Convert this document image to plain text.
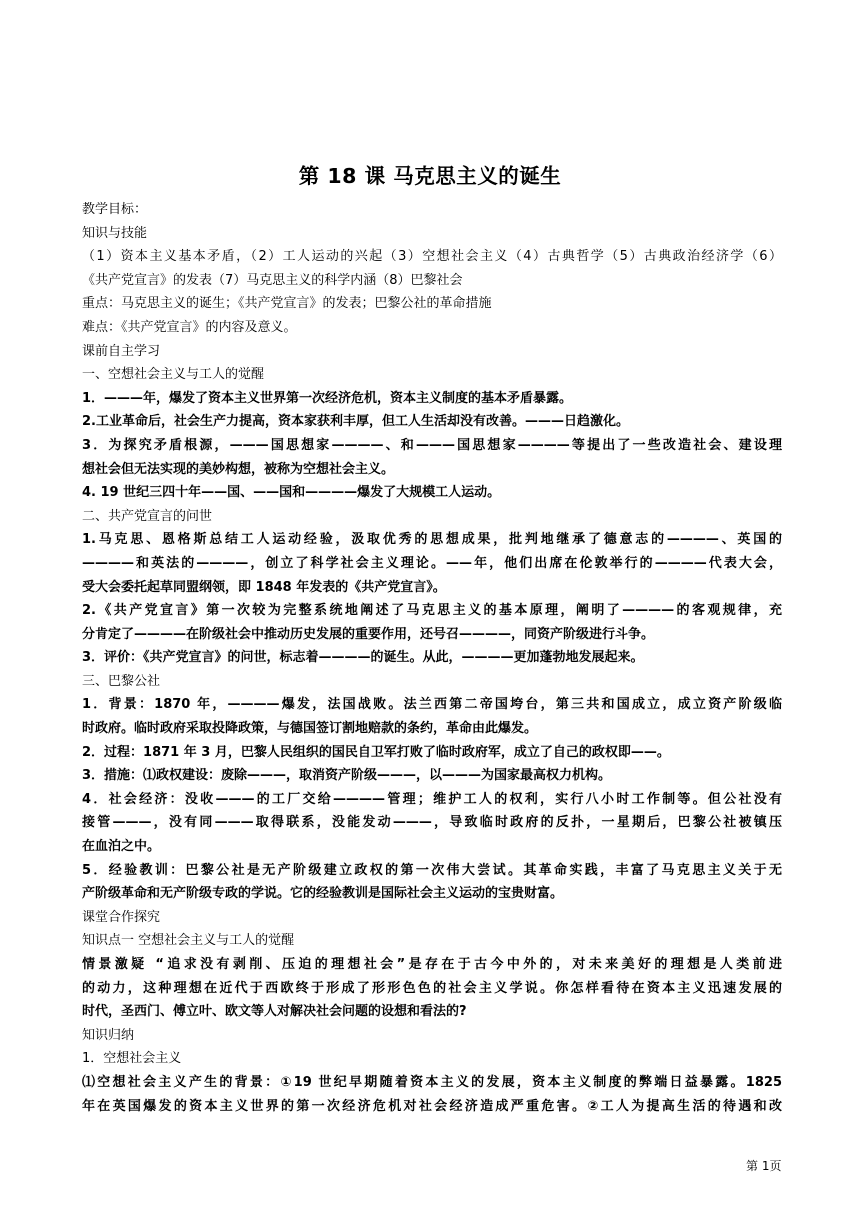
第 18 课 马克思主义的诞生

教学目标：

知识与技能

（1）资本主义基本矛盾，（2）工人运动的兴起（3）空想社会主义（4）古典哲学（5）古典政治经济学（6）

《共产党宣言》的发表（7）马克思主义的科学内涵（8）巴黎社会

重点：马克思主义的诞生；《共产党宣言》的发表；巴黎公社的革命措施

难点：《共产党宣言》的内容及意义。

课前自主学习

一、空想社会主义与工人的觉醒

1．———年，爆发了资本主义世界第一次经济危机，资本主义制度的基本矛盾暴露。

2.工业革命后，社会生产力提高，资本家获利丰厚，但工人生活却没有改善。———日趋激化。

3．为探究矛盾根源，———国思想家————、和———国思想家————等提出了一些改造社会、建设理

想社会但无法实现的美妙构想，被称为空想社会主义。

4. 19 世纪三四十年——国、——国和————爆发了大规模工人运动。

二、共产党宣言的问世

1.马克思、恩格斯总结工人运动经验，汲取优秀的思想成果，批判地继承了德意志的————、英国的

————和英法的————，创立了科学社会主义理论。——年，他们出席在伦敦举行的————代表大会，

受大会委托起草同盟纲领，即 1848 年发表的《共产党宣言》。

2.《共产党宣言》第一次较为完整系统地阐述了马克思主义的基本原理，阐明了————的客观规律，充

分肯定了————在阶级社会中推动历史发展的重要作用，还号召————，同资产阶级进行斗争。

3．评价：《共产党宣言》的问世，标志着————的诞生。从此，————更加蓬勃地发展起来。

三、巴黎公社

1．背景：1870 年，————爆发，法国战败。法兰西第二帝国垮台，第三共和国成立，成立资产阶级临

时政府。临时政府采取投降政策，与德国签订割地赔款的条约，革命由此爆发。

2．过程：1871 年 3 月，巴黎人民组织的国民自卫军打败了临时政府军，成立了自己的政权即——。

3．措施：⑴政权建设：废除———，取消资产阶级———，以———为国家最高权力机构。

4．社会经济：没收———的工厂交给————管理；维护工人的权利，实行八小时工作制等。但公社没有

接管———，没有同———取得联系，没能发动———，导致临时政府的反扑，一星期后，巴黎公社被镇压

在血泊之中。

5．经验教训：巴黎公社是无产阶级建立政权的第一次伟大尝试。其革命实践，丰富了马克思主义关于无

产阶级革命和无产阶级专政的学说。它的经验教训是国际社会主义运动的宝贵财富。

课堂合作探究

知识点一 空想社会主义与工人的觉醒

情景激疑 “追求没有剥削、压迫的理想社会”是存在于古今中外的，对未来美好的理想是人类前进

的动力，这种理想在近代于西欧终于形成了形形色色的社会主义学说。你怎样看待在资本主义迅速发展的

时代，圣西门、傅立叶、欧文等人对解决社会问题的设想和看法的?

知识归纳

1．空想社会主义

⑴空想社会主义产生的背景：①19 世纪早期随着资本主义的发展，资本主义制度的弊端日益暴露。1825

年在英国爆发的资本主义世界的第一次经济危机对社会经济造成严重危害。②工人为提高生活的待遇和改

第 1页
